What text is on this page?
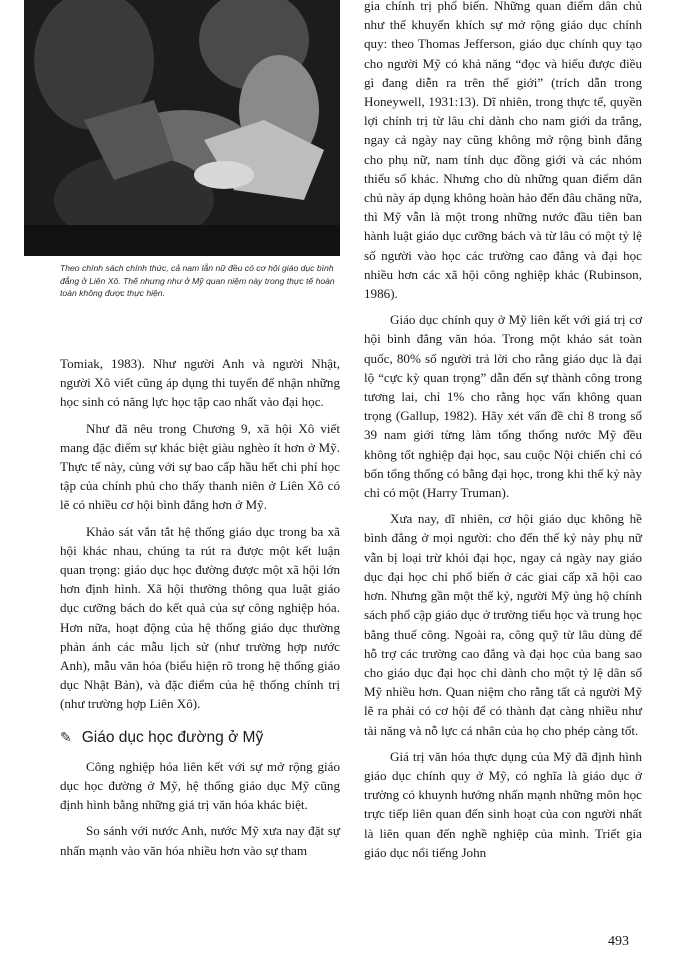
Theo chính sách chính thức, cả nam lẫn nữ đều có cơ hội giáo dục bình đẳng ở Liên Xô. Thế nhưng như ở Mỹ quan niệm này trong thực tế hoàn toàn không được thực hiện.

Tomiak, 1983). Như người Anh và người Nhật, người Xô viết cũng áp dụng thi tuyển để nhận những học sinh có năng lực học tập cao nhất vào đại học.

Như đã nêu trong Chương 9, xã hội Xô viết mang đặc điểm sự khác biệt giàu nghèo ít hơn ở Mỹ. Thực tế này, cùng với sự bao cấp hầu hết chi phí học tập của chính phủ cho thấy thanh niên ở Liên Xô có lẽ có nhiều cơ hội bình đẳng hơn ở Mỹ.

Khảo sát vắn tắt hệ thống giáo dục trong ba xã hội khác nhau, chúng ta rút ra được một kết luận quan trọng: giáo dục học đường được một xã hội lớn hơn định hình. Xã hội thường thông qua luật giáo dục cưỡng bách do kết quả của sự công nghiệp hóa. Hơn nữa, hoạt động của hệ thống giáo dục thường phản ánh các mẫu lịch sử (như trường hợp nước Anh), mẫu văn hóa (biểu hiện rõ trong hệ thống giáo dục Nhật Bản), và đặc điểm của hệ thống chính trị (như trường hợp Liên Xô).

✎ Giáo dục học đường ở Mỹ

Công nghiệp hóa liên kết với sự mở rộng giáo dục học đường ở Mỹ, hệ thống giáo dục Mỹ cũng định hình bằng những giá trị văn hóa khác biệt.

So sánh với nước Anh, nước Mỹ xưa nay đặt sự nhấn mạnh vào văn hóa nhiều hơn vào sự tham

gia chính trị phổ biến. Những quan điểm dân chủ như thế khuyến khích sự mở rộng giáo dục chính quy: theo Thomas Jefferson, giáo dục chính quy tạo cho người Mỹ có khả năng “đọc và hiểu được điều gì đang diễn ra trên thế giới” (trích dẫn trong Honeywell, 1931:13). Dĩ nhiên, trong thực tế, quyền lợi chính trị từ lâu chỉ dành cho nam giới da trắng, ngay cả ngày nay cũng không mở rộng bình đẳng cho phụ nữ, nam tính dục đồng giới và các nhóm thiểu số khác. Nhưng cho dù những quan điểm dân chủ này áp dụng không hoàn hảo đến đâu chăng nữa, thì Mỹ vẫn là một trong những nước đầu tiên ban hành luật giáo dục cưỡng bách và từ lâu có một tỷ lệ số người vào học các trường cao đẳng và đại học nhiều hơn các xã hội công nghiệp khác (Rubinson, 1986).

Giáo dục chính quy ở Mỹ liên kết với giá trị cơ hội bình đẳng văn hóa. Trong một khảo sát toàn quốc, 80% số người trả lời cho rằng giáo dục là đại lộ “cực kỳ quan trọng” dẫn đến sự thành công trong tương lai, chỉ 1% cho rằng học vấn không quan trọng (Gallup, 1982). Hãy xét vấn đề chỉ 8 trong số 39 nam giới từng làm tổng thống nước Mỹ đều không tốt nghiệp đại học, sau cuộc Nội chiến chỉ có bốn tổng thống có bằng đại học, trong khi thế kỷ này chỉ có một (Harry Truman).

Xưa nay, dĩ nhiên, cơ hội giáo dục không hề bình đẳng ở mọi người: cho đến thế kỷ này phụ nữ vẫn bị loại trừ khỏi đại học, ngay cả ngày nay giáo dục đại học chỉ phổ biến ở các giai cấp xã hội cao hơn. Nhưng gần một thế kỷ, người Mỹ ủng hộ chính sách phổ cập giáo dục ở trường tiểu học và trung học bằng thuế công. Ngoài ra, công quỹ từ lâu dùng để hỗ trợ các trường cao đẳng và đại học của bang sao cho giáo dục đại học chỉ dành cho một tỷ lệ dân số Mỹ nhiều hơn. Quan niệm cho rằng tất cả người Mỹ lẽ ra phải có cơ hội để có thành đạt càng nhiều như tài năng và nỗ lực cá nhân của họ cho phép càng tốt.

Giá trị văn hóa thực dụng của Mỹ đã định hình giáo dục chính quy ở Mỹ, có nghĩa là giáo dục ở trường có khuynh hướng nhấn mạnh những môn học trực tiếp liên quan đến sinh hoạt của con người nhất là liên quan đến nghề nghiệp của mình. Triết gia giáo dục nổi tiếng John

493
